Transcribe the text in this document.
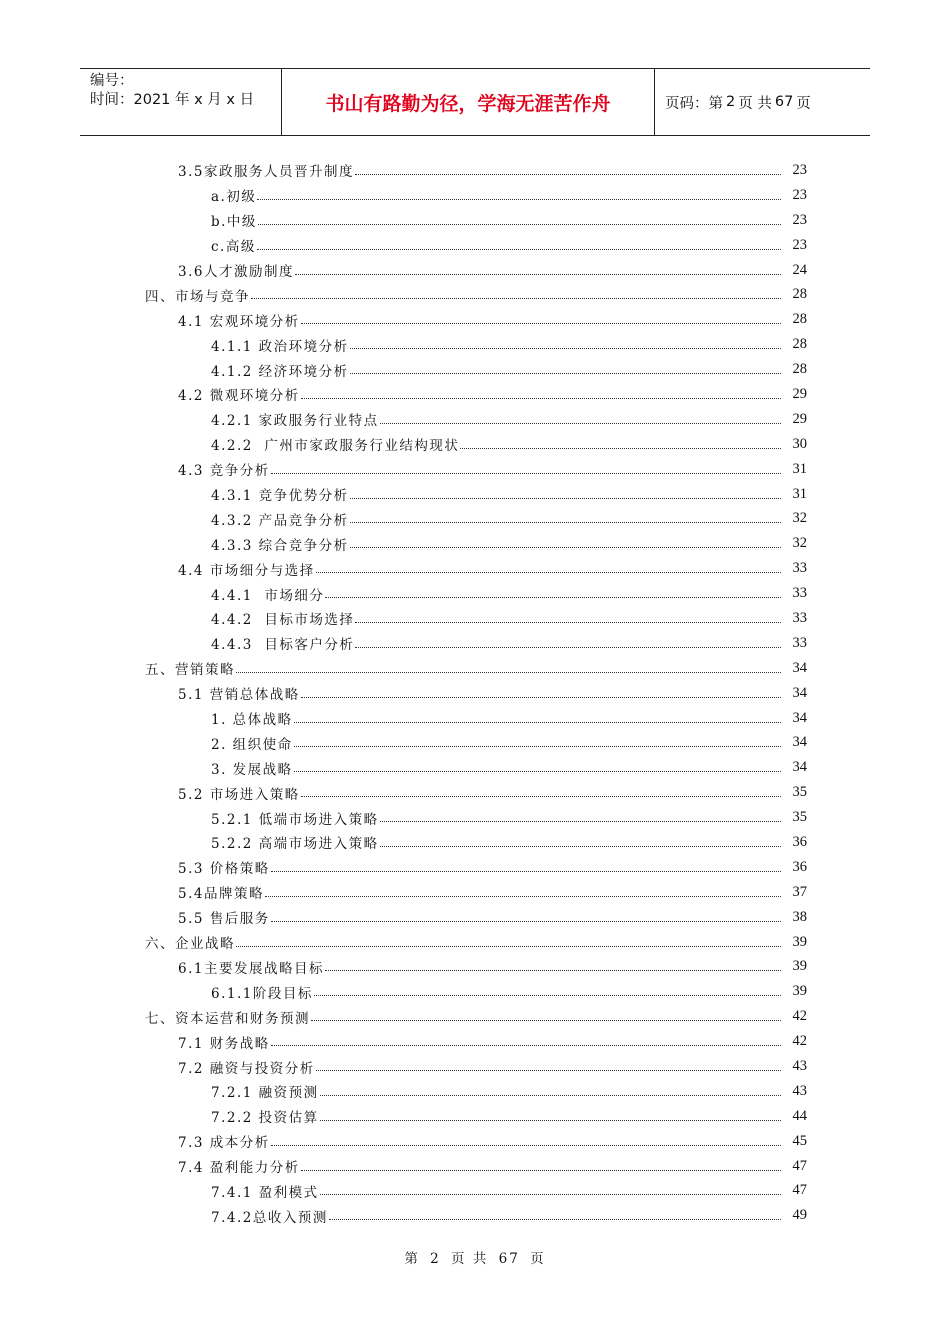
编号：
时间：2021 年 x 月 x 日	书山有路勤为径，学海无涯苦作舟	页码：第 2 页 共 67 页
3.5家政服务人员晋升制度	23
a.初级	23
b.中级	23
c.高级	23
3.6人才激励制度	24
四、市场与竞争	28
4.1 宏观环境分析	28
4.1.1 政治环境分析	28
4.1.2 经济环境分析	28
4.2 微观环境分析	29
4.2.1 家政服务行业特点	29
4.2.2  广州市家政服务行业结构现状	30
4.3 竞争分析	31
4.3.1 竞争优势分析	31
4.3.2 产品竞争分析	32
4.3.3 综合竞争分析	32
4.4 市场细分与选择	33
4.4.1  市场细分	33
4.4.2  目标市场选择	33
4.4.3  目标客户分析	33
五、营销策略	34
5.1 营销总体战略	34
1. 总体战略	34
2. 组织使命	34
3. 发展战略	34
5.2 市场进入策略	35
5.2.1 低端市场进入策略	35
5.2.2 高端市场进入策略	36
5.3 价格策略	36
5.4品牌策略	37
5.5 售后服务	38
六、企业战略	39
6.1主要发展战略目标	39
6.1.1阶段目标	39
七、资本运营和财务预测	42
7.1 财务战略	42
7.2 融资与投资分析	43
7.2.1 融资预测	43
7.2.2 投资估算	44
7.3 成本分析	45
7.4 盈利能力分析	47
7.4.1 盈利模式	47
7.4.2总收入预测	49
第 2 页 共 67 页
